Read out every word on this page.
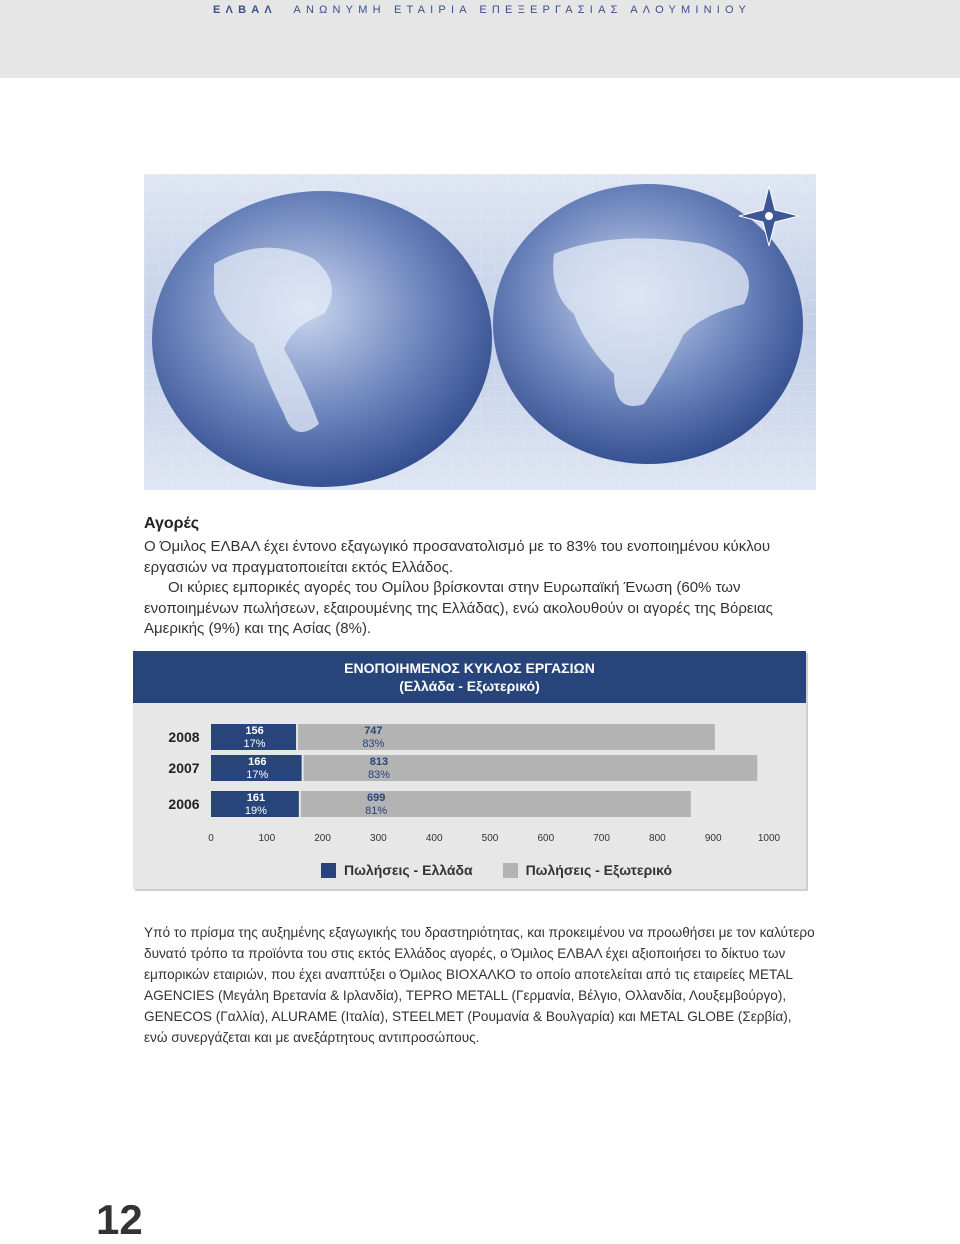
ΕΛΒΑΛ ΑΝΩΝΥΜΗ ΕΤΑΙΡΙΑ ΕΠΕΞΕΡΓΑΣΙΑΣ ΑΛΟΥΜΙΝΙΟΥ
Αγορές

Ο Όμιλος ΕΛΒΑΛ έχει έντονο εξαγωγικό προσανατολισμό με το 83% του ενοποιημένου κύκλου εργασιών να πραγματοποιείται εκτός Ελλάδος.

Οι κύριες εμπορικές αγορές του Ομίλου βρίσκονται στην Ευρωπαϊκή Ένωση (60% των ενοποιημένων πωλήσεων, εξαιρουμένης της Ελλάδας), ενώ ακολουθούν οι αγορές της Βόρειας Αμερικής (9%) και της Ασίας (8%).

ΕΝΟΠΟΙΗΜΕΝΟΣ ΚΥΚΛΟΣ ΕΡΓΑΣΙΩΝ
(Ελλάδα - Εξωτερικό)
2008	156
17%
747
83%
2007	166
17%
813
83%
2006	161
19%
699
81%
0	100	200	300	400	500	600	700	800	900	1000
Πωλήσεις - Ελλάδα	Πωλήσεις - Εξωτερικό
Υπό το πρίσμα της αυξημένης εξαγωγικής του δραστηριότητας, και προκειμένου να προωθήσει με τον καλύτερο δυνατό τρόπο τα προϊόντα του στις εκτός Ελλάδος αγορές, ο Όμιλος ΕΛΒΑΛ έχει αξιοποιήσει το δίκτυο των εμπορικών εταιριών, που έχει αναπτύξει ο Όμιλος ΒΙΟΧΑΛΚΟ το οποίο αποτελείται από τις εταιρείες METAL AGENCIES (Μεγάλη Βρετανία & Ιρλανδία), TEPRO METALL (Γερμανία, Βέλγιο, Ολλανδία, Λουξεμβούργο), GENECOS (Γαλλία), ALURAME (Ιταλία), STEELMET (Ρουμανία & Βουλγαρία) και METAL GLOBE (Σερβία), ενώ συνεργάζεται και με ανεξάρτητους αντιπροσώπους.
12
